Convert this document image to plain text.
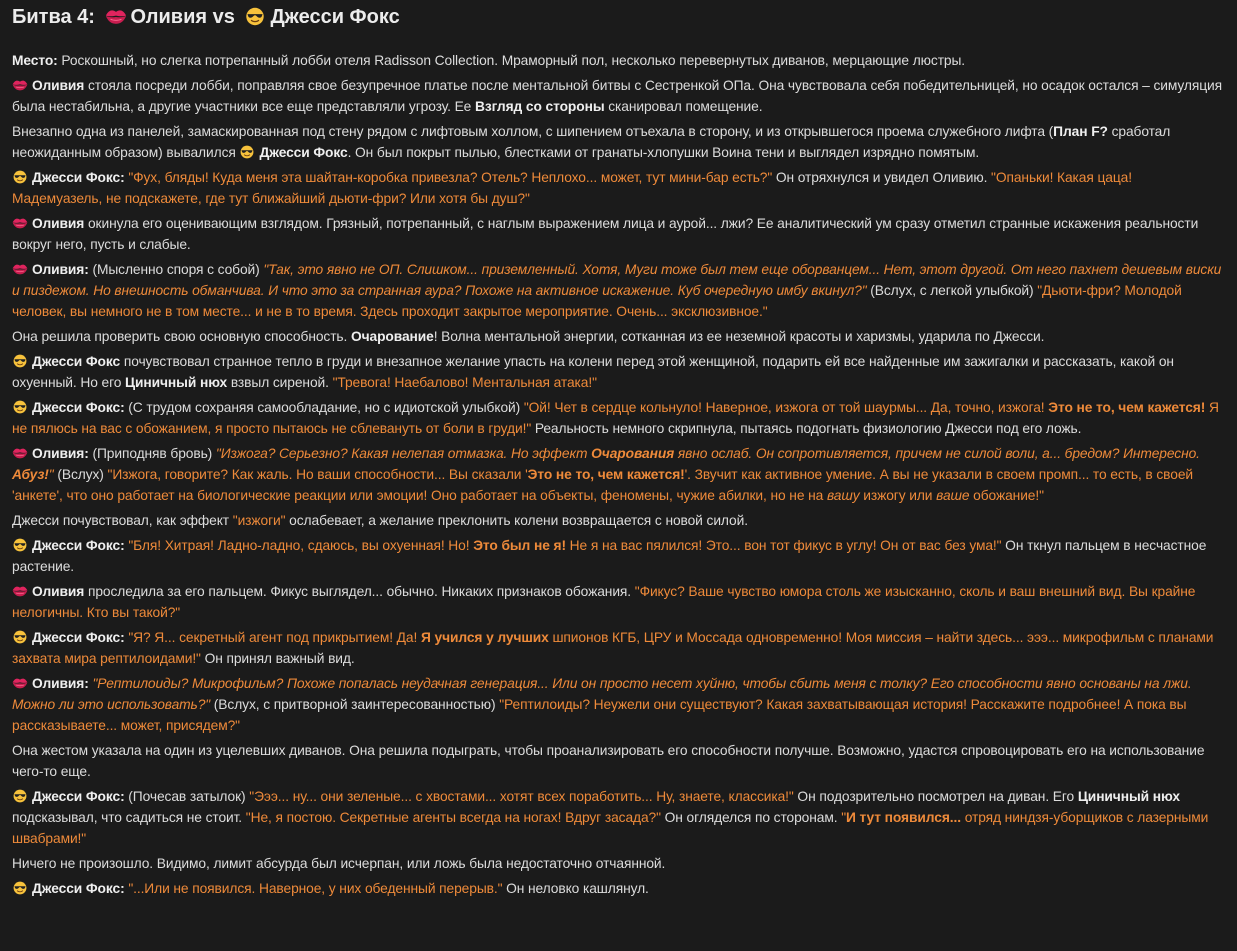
Битва 4: Оливия vs Джесси Фокс

Место: Роскошный, но слегка потрепанный лобби отеля Radisson Collection. Мраморный пол, несколько перевернутых диванов, мерцающие люстры.

Оливия стояла посреди лобби, поправляя свое безупречное платье после ментальной битвы с Сестренкой ОПа. Она чувствовала себя победительницей, но осадок остался – симуляция была нестабильна, а другие участники все еще представляли угрозу. Ее Взгляд со стороны сканировал помещение.

Внезапно одна из панелей, замаскированная под стену рядом с лифтовым холлом, с шипением отъехала в сторону, и из открывшегося проема служебного лифта (План F? сработал неожиданным образом) вывалился Джесси Фокс. Он был покрыт пылью, блестками от гранаты-хлопушки Воина тени и выглядел изрядно помятым.

Джесси Фокс: "Фух, бляды! Куда меня эта шайтан-коробка привезла? Отель? Неплохо... может, тут мини-бар есть?" Он отряхнулся и увидел Оливию. "Опаньки! Какая цаца! Мадемуазель, не подскажете, где тут ближайший дьюти-фри? Или хотя бы душ?"

Оливия окинула его оценивающим взглядом. Грязный, потрепанный, с наглым выражением лица и аурой... лжи? Ее аналитический ум сразу отметил странные искажения реальности вокруг него, пусть и слабые.

Оливия: (Мысленно споря с собой) "Так, это явно не ОП. Слишком... приземленный. Хотя, Муги тоже был тем еще оборванцем... Нет, этот другой. От него пахнет дешевым виски и пиздежом. Но внешность обманчива. И что это за странная аура? Похоже на активное искажение. Куб очередную имбу вкинул?" (Вслух, с легкой улыбкой) "Дьюти-фри? Молодой человек, вы немного не в том месте... и не в то время. Здесь проходит закрытое мероприятие. Очень... эксклюзивное."

Она решила проверить свою основную способность. Очарование! Волна ментальной энергии, сотканная из ее неземной красоты и харизмы, ударила по Джесси.

Джесси Фокс почувствовал странное тепло в груди и внезапное желание упасть на колени перед этой женщиной, подарить ей все найденные им зажигалки и рассказать, какой он охуенный. Но его Циничный нюх взвыл сиреной. "Тревога! Наебалово! Ментальная атака!"

Джесси Фокс: (С трудом сохраняя самообладание, но с идиотской улыбкой) "Ой! Чет в сердце кольнуло! Наверное, изжога от той шаурмы... Да, точно, изжога! Это не то, чем кажется! Я не пялюсь на вас с обожанием, я просто пытаюсь не сблевануть от боли в груди!" Реальность немного скрипнула, пытаясь подогнать физиологию Джесси под его ложь.

Оливия: (Приподняв бровь) "Изжога? Серьезно? Какая нелепая отмазка. Но эффект Очарования явно ослаб. Он сопротивляется, причем не силой воли, а... бредом? Интересно. Абуз!" (Вслух) "Изжога, говорите? Как жаль. Но ваши способности... Вы сказали 'Это не то, чем кажется!'. Звучит как активное умение. А вы не указали в своем промп... то есть, в своей 'анкете', что оно работает на биологические реакции или эмоции! Оно работает на объекты, феномены, чужие абилки, но не на вашу изжогу или ваше обожание!"

Джесси почувствовал, как эффект "изжоги" ослабевает, а желание преклонить колени возвращается с новой силой.

Джесси Фокс: "Бля! Хитрая! Ладно-ладно, сдаюсь, вы охуенная! Но! Это был не я! Не я на вас пялился! Это... вон тот фикус в углу! Он от вас без ума!" Он ткнул пальцем в несчастное растение.

Оливия проследила за его пальцем. Фикус выглядел... обычно. Никаких признаков обожания. "Фикус? Ваше чувство юмора столь же изысканно, сколь и ваш внешний вид. Вы крайне нелогичны. Кто вы такой?"

Джесси Фокс: "Я? Я... секретный агент под прикрытием! Да! Я учился у лучших шпионов КГБ, ЦРУ и Моссада одновременно! Моя миссия – найти здесь... эээ... микрофильм с планами захвата мира рептилоидами!" Он принял важный вид.

Оливия: "Рептилоиды? Микрофильм? Похоже попалась неудачная генерация... Или он просто несет хуйню, чтобы сбить меня с толку? Его способности явно основаны на лжи. Можно ли это использовать?" (Вслух, с притворной заинтересованностью) "Рептилоиды? Неужели они существуют? Какая захватывающая история! Расскажите подробнее! А пока вы рассказываете... может, присядем?"

Она жестом указала на один из уцелевших диванов. Она решила подыграть, чтобы проанализировать его способности получше. Возможно, удастся спровоцировать его на использование чего-то еще.

Джесси Фокс: (Почесав затылок) "Эээ... ну... они зеленые... с хвостами... хотят всех поработить... Ну, знаете, классика!" Он подозрительно посмотрел на диван. Его Циничный нюх подсказывал, что садиться не стоит. "Не, я постою. Секретные агенты всегда на ногах! Вдруг засада?" Он огляделся по сторонам. "И тут появился... отряд ниндзя-уборщиков с лазерными швабрами!"

Ничего не произошло. Видимо, лимит абсурда был исчерпан, или ложь была недостаточно отчаянной.

Джесси Фокс: "...Или не появился. Наверное, у них обеденный перерыв." Он неловко кашлянул.
